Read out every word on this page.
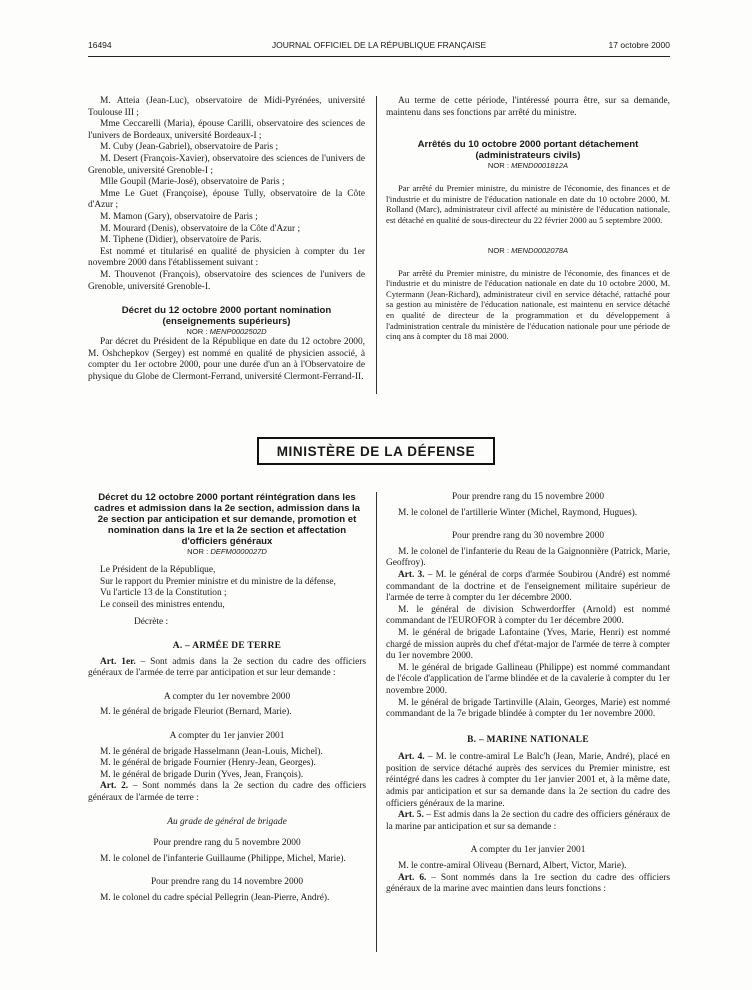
16494	JOURNAL OFFICIEL DE LA RÉPUBLIQUE FRANÇAISE	17 octobre 2000

M. Atteia (Jean-Luc), observatoire de Midi-Pyrénées, université Toulouse III ;

Mme Ceccarelli (Maria), épouse Carilli, observatoire des sciences de l'univers de Bordeaux, université Bordeaux-I ;

M. Cuby (Jean-Gabriel), observatoire de Paris ;

M. Desert (François-Xavier), observatoire des sciences de l'univers de Grenoble, université Grenoble-I ;

Mlle Goupil (Marie-José), observatoire de Paris ;

Mme Le Guet (Françoise), épouse Tully, observatoire de la Côte d'Azur ;

M. Mamon (Gary), observatoire de Paris ;

M. Mourard (Denis), observatoire de la Côte d'Azur ;

M. Tiphene (Didier), observatoire de Paris.

Est nommé et titularisé en qualité de physicien à compter du 1er novembre 2000 dans l'établissement suivant :

M. Thouvenot (François), observatoire des sciences de l'univers de Grenoble, université Grenoble-I.

Décret du 12 octobre 2000 portant nomination (enseignements supérieurs)

NOR : MENP0002502D

Par décret du Président de la République en date du 12 octobre 2000, M. Oshchepkov (Sergey) est nommé en qualité de physicien associé, à compter du 1er octobre 2000, pour une durée d'un an à l'Observatoire de physique du Globe de Clermont-Ferrand, université Clermont-Ferrand-II.

Au terme de cette période, l'intéressé pourra être, sur sa demande, maintenu dans ses fonctions par arrêté du ministre.

Arrêtés du 10 octobre 2000 portant détachement (administrateurs civils)

NOR : MEND0001812A

Par arrêté du Premier ministre, du ministre de l'économie, des finances et de l'industrie et du ministre de l'éducation nationale en date du 10 octobre 2000, M. Rolland (Marc), administrateur civil affecté au ministère de l'éducation nationale, est détaché en qualité de sous-directeur du 22 février 2000 au 5 septembre 2000.

NOR : MEND0002078A

Par arrêté du Premier ministre, du ministre de l'économie, des finances et de l'industrie et du ministre de l'éducation nationale en date du 10 octobre 2000, M. Cytermann (Jean-Richard), administrateur civil en service détaché, rattaché pour sa gestion au ministère de l'éducation nationale, est maintenu en service détaché en qualité de directeur de la programmation et du développement à l'administration centrale du ministère de l'éducation nationale pour une période de cinq ans à compter du 18 mai 2000.

MINISTÈRE DE LA DÉFENSE

Décret du 12 octobre 2000 portant réintégration dans les cadres et admission dans la 2e section, admission dans la 2e section par anticipation et sur demande, promotion et nomination dans la 1re et la 2e section et affectation d'officiers généraux

NOR : DEFM0000027D

Le Président de la République,

Sur le rapport du Premier ministre et du ministre de la défense,

Vu l'article 13 de la Constitution ;

Le conseil des ministres entendu,

Décrète :

A. – ARMÉE DE TERRE

Art. 1er. – Sont admis dans la 2e section du cadre des officiers généraux de l'armée de terre par anticipation et sur leur demande :

A compter du 1er novembre 2000

M. le général de brigade Fleuriot (Bernard, Marie).

A compter du 1er janvier 2001

M. le général de brigade Hasselmann (Jean-Louis, Michel).

M. le général de brigade Fournier (Henry-Jean, Georges).

M. le général de brigade Durin (Yves, Jean, François).

Art. 2. – Sont nommés dans la 2e section du cadre des officiers généraux de l'armée de terre :

Au grade de général de brigade

Pour prendre rang du 5 novembre 2000

M. le colonel de l'infanterie Guillaume (Philippe, Michel, Marie).

Pour prendre rang du 14 novembre 2000

M. le colonel du cadre spécial Pellegrin (Jean-Pierre, André).

Pour prendre rang du 15 novembre 2000

M. le colonel de l'artillerie Winter (Michel, Raymond, Hugues).

Pour prendre rang du 30 novembre 2000

M. le colonel de l'infanterie du Reau de la Gaignonnière (Patrick, Marie, Geoffroy).

Art. 3. – M. le général de corps d'armée Soubirou (André) est nommé commandant de la doctrine et de l'enseignement militaire supérieur de l'armée de terre à compter du 1er décembre 2000.

M. le général de division Schwerdorffer (Arnold) est nommé commandant de l'EUROFOR à compter du 1er décembre 2000.

M. le général de brigade Lafontaine (Yves, Marie, Henri) est nommé chargé de mission auprès du chef d'état-major de l'armée de terre à compter du 1er novembre 2000.

M. le général de brigade Gallineau (Philippe) est nommé commandant de l'école d'application de l'arme blindée et de la cavalerie à compter du 1er novembre 2000.

M. le général de brigade Tartinville (Alain, Georges, Marie) est nommé commandant de la 7e brigade blindée à compter du 1er novembre 2000.

B. – MARINE NATIONALE

Art. 4. – M. le contre-amiral Le Balc'h (Jean, Marie, André), placé en position de service détaché auprès des services du Premier ministre, est réintégré dans les cadres à compter du 1er janvier 2001 et, à la même date, admis par anticipation et sur sa demande dans la 2e section du cadre des officiers généraux de la marine.

Art. 5. – Est admis dans la 2e section du cadre des officiers généraux de la marine par anticipation et sur sa demande :

A compter du 1er janvier 2001

M. le contre-amiral Oliveau (Bernard, Albert, Victor, Marie).

Art. 6. – Sont nommés dans la 1re section du cadre des officiers généraux de la marine avec maintien dans leurs fonctions :
